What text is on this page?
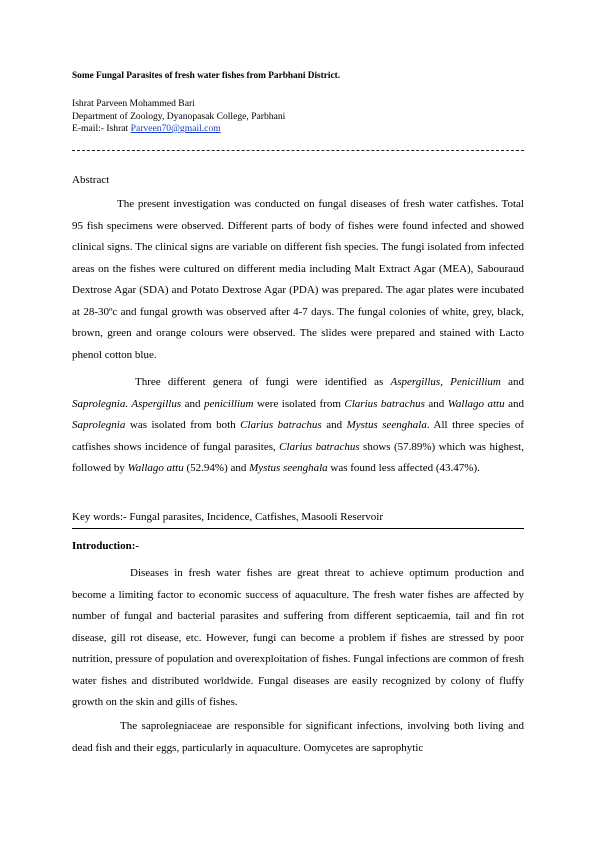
Some Fungal Parasites of fresh water fishes from Parbhani District.
Ishrat Parveen Mohammed Bari
Department of Zoology, Dyanopasak College, Parbhani
E-mail:- Ishrat Parveen70@gmail.com
Abstract

The present investigation was conducted on fungal diseases of fresh water catfishes. Total 95 fish specimens were observed. Different parts of body of fishes were found infected and showed clinical signs. The clinical signs are variable on different fish species. The fungi isolated from infected areas on the fishes were cultured on different media including Malt Extract Agar (MEA), Sabouraud Dextrose Agar (SDA) and Potato Dextrose Agar (PDA) was prepared. The agar plates were incubated at 28-30ºc and fungal growth was observed after 4-7 days. The fungal colonies of white, grey, black, brown, green and orange colours were observed. The slides were prepared and stained with Lacto phenol cotton blue.

Three different genera of fungi were identified as Aspergillus, Penicillium and Saprolegnia. Aspergillus and penicillium were isolated from Clarius batrachus and Wallago attu and Saprolegnia was isolated from both Clarius batrachus and Mystus seenghala. All three species of catfishes shows incidence of fungal parasites, Clarius batrachus shows (57.89%) which was highest, followed by Wallago attu (52.94%) and Mystus seenghala was found less affected (43.47%).

Key words:- Fungal parasites, Incidence, Catfishes, Masooli Reservoir
Introduction:-

Diseases in fresh water fishes are great threat to achieve optimum production and become a limiting factor to economic success of aquaculture. The fresh water fishes are affected by number of fungal and bacterial parasites and suffering from different septicaemia, tail and fin rot disease, gill rot disease, etc. However, fungi can become a problem if fishes are stressed by poor nutrition, pressure of population and overexploitation of fishes. Fungal infections are common of fresh water fishes and distributed worldwide. Fungal diseases are easily recognized by colony of fluffy growth on the skin and gills of fishes.

The saprolegniaceae are responsible for significant infections, involving both living and dead fish and their eggs, particularly in aquaculture. Oomycetes are saprophytic
